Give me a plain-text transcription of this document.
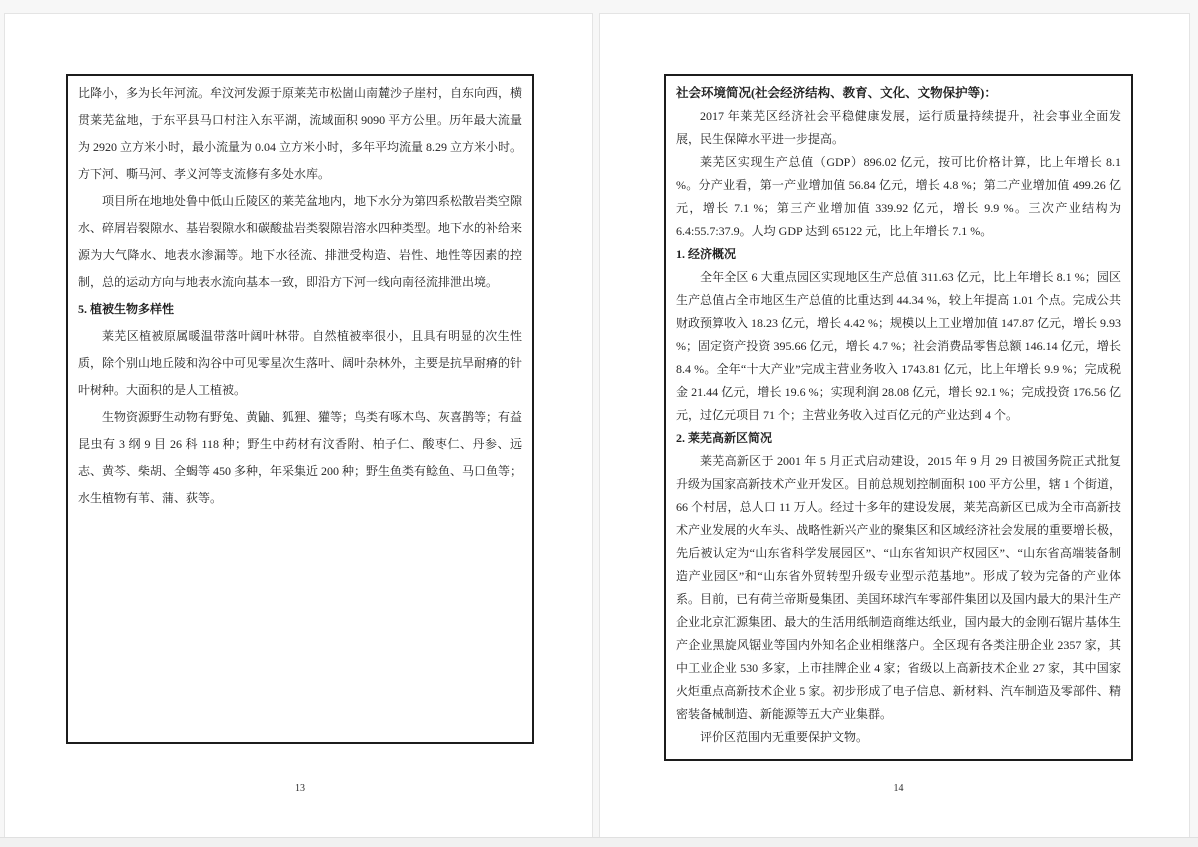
比降小，多为长年河流。牟汶河发源于原莱芜市松崮山南麓沙子崖村，自东向西，横贯莱芜盆地，于东平县马口村注入东平湖，流域面积 9090 平方公里。历年最大流量为 2920 立方米小时，最小流量为 0.04 立方米小时，多年平均流量 8.29 立方米小时。方下河、嘶马河、孝义河等支流修有多处水库。

项目所在地地处鲁中低山丘陵区的莱芜盆地内，地下水分为第四系松散岩类空隙水、碎屑岩裂隙水、基岩裂隙水和碳酸盐岩类裂隙岩溶水四种类型。地下水的补给来源为大气降水、地表水渗漏等。地下水径流、排泄受构造、岩性、地性等因素的控制，总的运动方向与地表水流向基本一致，即沿方下河一线向南径流排泄出境。

5. 植被生物多样性

莱芜区植被原属暖温带落叶阔叶林带。自然植被率很小，且具有明显的次生性质，除个别山地丘陵和沟谷中可见零星次生落叶、阔叶杂林外，主要是抗旱耐瘠的针叶树种。大面积的是人工植被。

生物资源野生动物有野兔、黄鼬、狐狸、獾等；鸟类有啄木鸟、灰喜鹊等；有益昆虫有 3 纲 9 目 26 科 118 种；野生中药材有汶香附、柏子仁、酸枣仁、丹参、远志、黄芩、柴胡、全蝎等 450 多种，年采集近 200 种；野生鱼类有鲶鱼、马口鱼等；水生植物有苇、蒲、荻等。

13

社会环境简况(社会经济结构、教育、文化、文物保护等)：

2017 年莱芜区经济社会平稳健康发展，运行质量持续提升，社会事业全面发展，民生保障水平进一步提高。

莱芜区实现生产总值（GDP）896.02 亿元，按可比价格计算，比上年增长 8.1 %。分产业看，第一产业增加值 56.84 亿元，增长 4.8 %；第二产业增加值 499.26 亿元，增长 7.1 %；第三产业增加值 339.92 亿元，增长 9.9 %。三次产业结构为 6.4:55.7:37.9。人均 GDP 达到 65122 元，比上年增长 7.1 %。

1. 经济概况

全年全区 6 大重点园区实现地区生产总值 311.63 亿元，比上年增长 8.1 %；园区生产总值占全市地区生产总值的比重达到 44.34 %，较上年提高 1.01 个点。完成公共财政预算收入 18.23 亿元，增长 4.42 %；规模以上工业增加值 147.87 亿元，增长 9.93 %；固定资产投资 395.66 亿元，增长 4.7 %；社会消费品零售总额 146.14 亿元，增长 8.4 %。全年“十大产业”完成主营业务收入 1743.81 亿元，比上年增长 9.9 %；完成税金 21.44 亿元，增长 19.6 %；实现利润 28.08 亿元，增长 92.1 %；完成投资 176.56 亿元，过亿元项目 71 个；主营业务收入过百亿元的产业达到 4 个。

2. 莱芜高新区简况

莱芜高新区于 2001 年 5 月正式启动建设，2015 年 9 月 29 日被国务院正式批复升级为国家高新技术产业开发区。目前总规划控制面积 100 平方公里，辖 1 个街道，66 个村居，总人口 11 万人。经过十多年的建设发展，莱芜高新区已成为全市高新技术产业发展的火车头、战略性新兴产业的聚集区和区域经济社会发展的重要增长极，先后被认定为“山东省科学发展园区”、“山东省知识产权园区”、“山东省高端装备制造产业园区”和“山东省外贸转型升级专业型示范基地”。形成了较为完备的产业体系。目前，已有荷兰帝斯曼集团、美国环球汽车零部件集团以及国内最大的果汁生产企业北京汇源集团、最大的生活用纸制造商维达纸业，国内最大的金刚石锯片基体生产企业黑旋风锯业等国内外知名企业相继落户。全区现有各类注册企业 2357 家，其中工业企业 530 多家，上市挂牌企业 4 家；省级以上高新技术企业 27 家，其中国家火炬重点高新技术企业 5 家。初步形成了电子信息、新材料、汽车制造及零部件、精密装备械制造、新能源等五大产业集群。

评价区范围内无重要保护文物。

14
